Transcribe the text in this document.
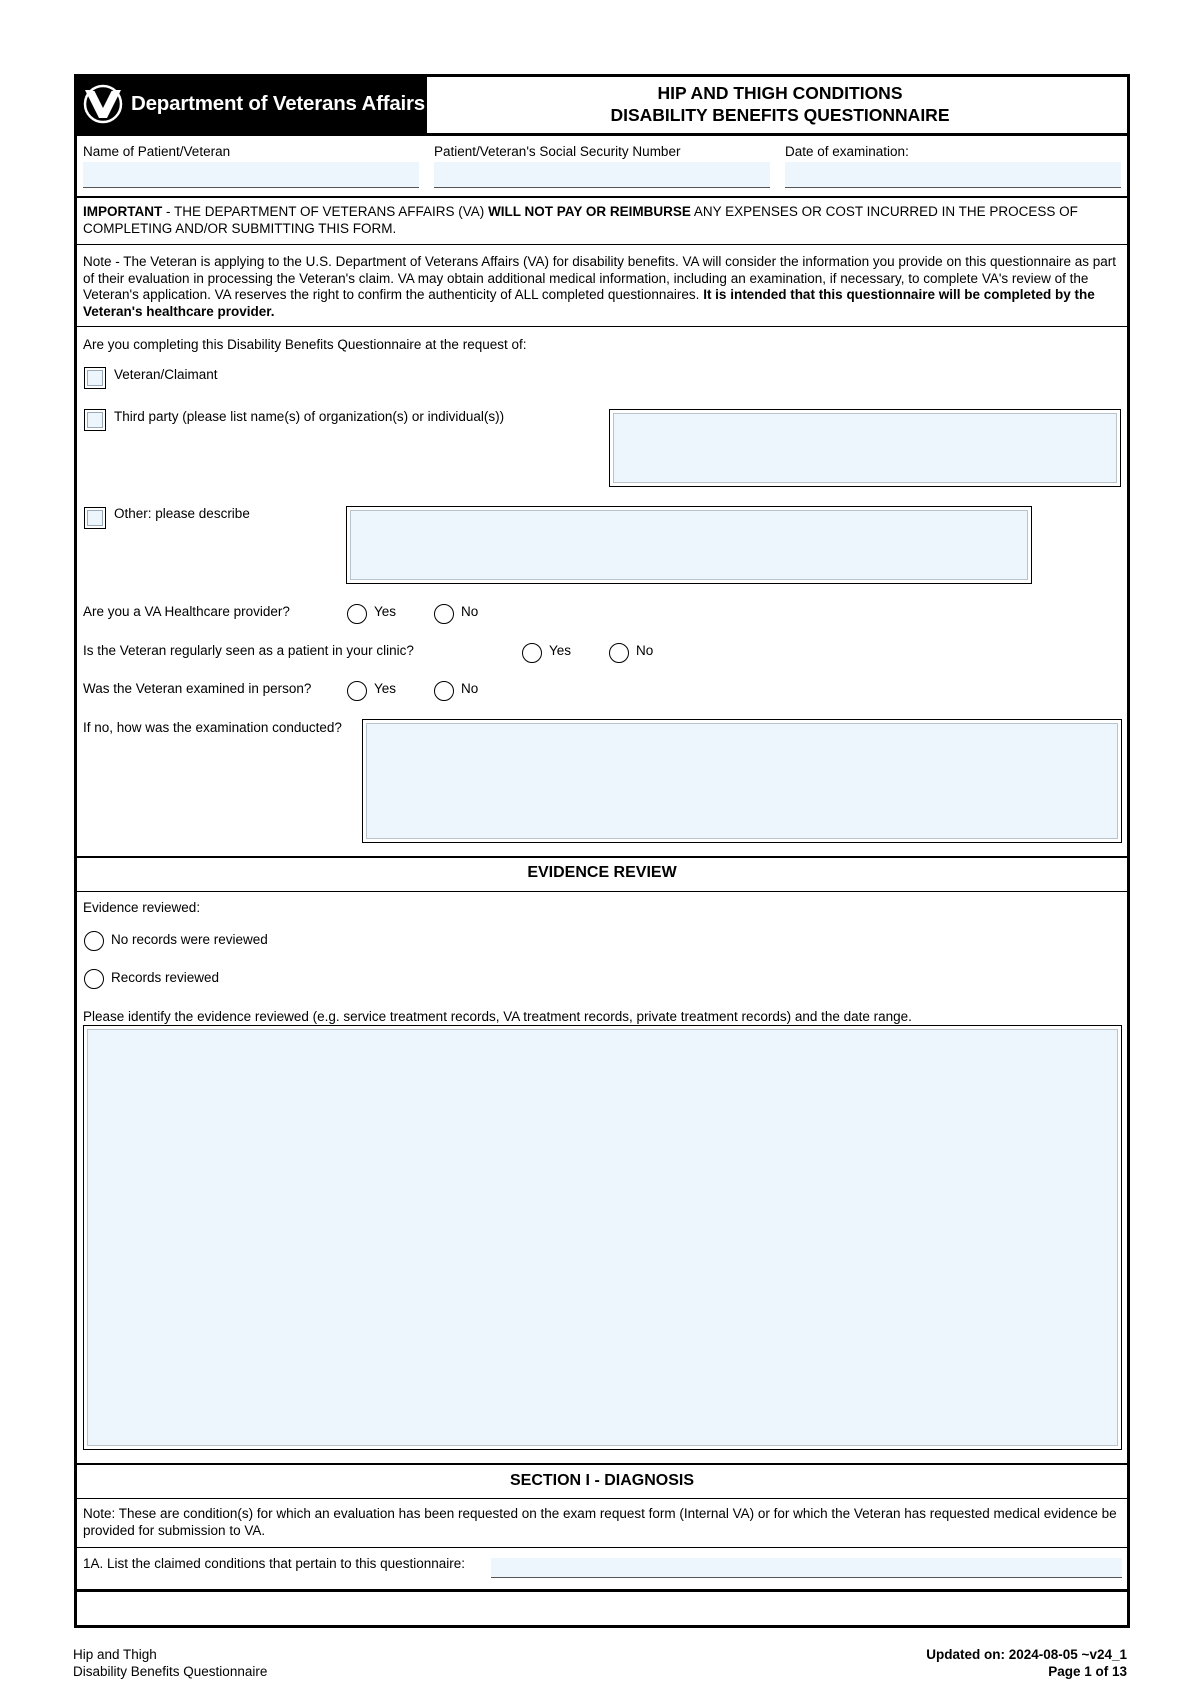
Department of Veterans Affairs	HIP AND THIGH CONDITIONS
DISABILITY BENEFITS QUESTIONNAIRE
Name of Patient/Veteran	Patient/Veteran's Social Security Number	Date of examination:
IMPORTANT - THE DEPARTMENT OF VETERANS AFFAIRS (VA) WILL NOT PAY OR REIMBURSE ANY EXPENSES OR COST INCURRED IN THE PROCESS OF COMPLETING AND/OR SUBMITTING THIS FORM.
Note - The Veteran is applying to the U.S. Department of Veterans Affairs (VA) for disability benefits. VA will consider the information you provide on this questionnaire as part of their evaluation in processing the Veteran's claim. VA may obtain additional medical information, including an examination, if necessary, to complete VA's review of the Veteran's application. VA reserves the right to confirm the authenticity of ALL completed questionnaires. It is intended that this questionnaire will be completed by the Veteran's healthcare provider.
Are you completing this Disability Benefits Questionnaire at the request of:
Veteran/Claimant
Third party (please list name(s) of organization(s) or individual(s))
Other: please describe
Are you a VA Healthcare provider?	Yes	No
Is the Veteran regularly seen as a patient in your clinic?	Yes	No
Was the Veteran examined in person?	Yes	No
If no, how was the examination conducted?
EVIDENCE REVIEW
Evidence reviewed:
No records were reviewed
Records reviewed
Please identify the evidence reviewed (e.g. service treatment records, VA treatment records, private treatment records) and the date range.
SECTION I - DIAGNOSIS
Note: These are condition(s) for which an evaluation has been requested on the exam request form (Internal VA) or for which the Veteran has requested medical evidence be provided for submission to VA.
1A. List the claimed conditions that pertain to this questionnaire:
Hip and Thigh
Disability Benefits Questionnaire
Updated on: 2024-08-05 ~v24_1
Page 1 of 13
